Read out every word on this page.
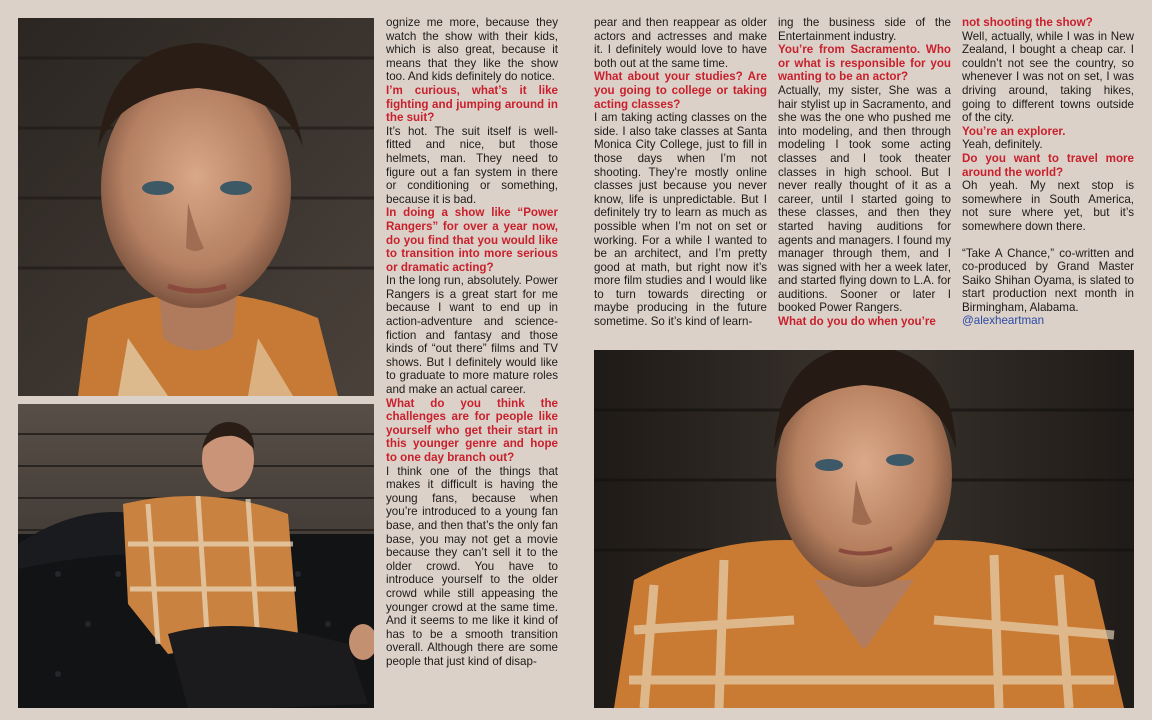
ognize me more, because they watch the show with their kids, which is also great, because it means that they like the show too. And kids definitely do notice.

I’m curious, what’s it like fighting and jumping around in the suit?

It’s hot. The suit itself is well-fitted and nice, but those helmets, man. They need to figure out a fan system in there or conditioning or something, because it is bad.

In doing a show like “Power Rangers” for over a year now, do you find that you would like to transition into more serious or dramatic acting?

In the long run, absolutely. Power Rangers is a great start for me because I want to end up in action-adventure and science-fiction and fantasy and those kinds of “out there” films and TV shows. But I definitely would like to graduate to more mature roles and make an actual career.

What do you think the challenges are for people like yourself who get their start in this younger genre and hope to one day branch out?

I think one of the things that makes it difficult is having the young fans, because when you’re introduced to a young fan base, and then that’s the only fan base, you may not get a movie because they can’t sell it to the older crowd. You have to introduce yourself to the older crowd while still appeasing the younger crowd at the same time. And it seems to me like it kind of has to be a smooth transition overall. Although there are some people that just kind of disap-

pear and then reappear as older actors and actresses and make it. I definitely would love to have both out at the same time.

What about your studies? Are you going to college or taking acting classes?

I am taking acting classes on the side. I also take classes at Santa Monica City College, just to fill in those days when I’m not shooting. They’re mostly online classes just because you never know, life is unpredictable. But I definitely try to learn as much as possible when I’m not on set or working. For a while I wanted to be an architect, and I’m pretty good at math, but right now it’s more film studies and I would like to turn towards directing or maybe producing in the future sometime. So it’s kind of learn-

ing the business side of the Entertainment industry.

You’re from Sacramento. Who or what is responsible for you wanting to be an actor?

Actually, my sister, She was a hair stylist up in Sacramento, and she was the one who pushed me into modeling, and then through modeling I took some acting classes and I took theater classes in high school. But I never really thought of it as a career, until I started going to these classes, and then they started having auditions for agents and managers. I found my manager through them, and I was signed with her a week later, and started flying down to L.A. for auditions. Sooner or later I booked Power Rangers.

What do you do when you’re

not shooting the show?

Well, actually, while I was in New Zealand, I bought a cheap car. I couldn’t not see the country, so whenever I was not on set, I was driving around, taking hikes, going to different towns outside of the city.

You’re an explorer.

Yeah, definitely.

Do you want to travel more around the world?

Oh yeah. My next stop is somewhere in South America, not sure where yet, but it’s somewhere down there.

“Take A Chance,” co-written and co-produced by Grand Master Saiko Shihan Oyama, is slated to start production next month in Birmingham, Alabama.

@alexheartman
